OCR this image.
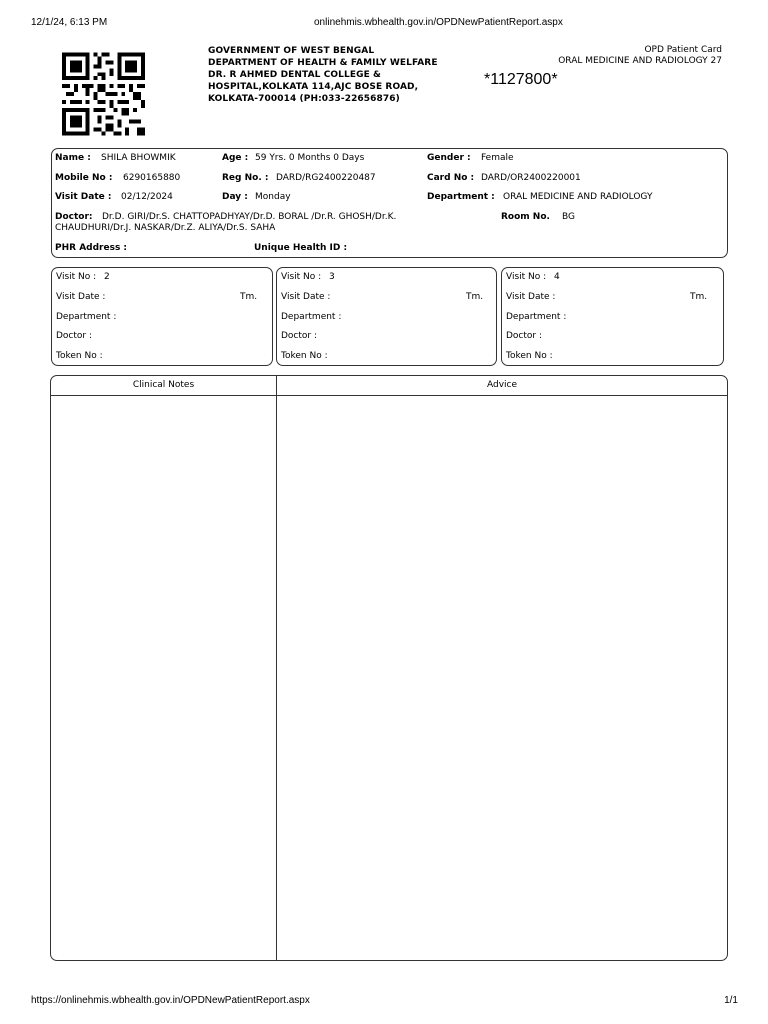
12/1/24, 6:13 PM	onlinehmis.wbhealth.gov.in/OPDNewPatientReport.aspx
GOVERNMENT OF WEST BENGAL
DEPARTMENT OF HEALTH & FAMILY WELFARE
DR. R AHMED DENTAL COLLEGE &
HOSPITAL,KOLKATA 114,AJC BOSE ROAD,
KOLKATA-700014 (PH:033-22656876)
OPD Patient Card
ORAL MEDICINE AND RADIOLOGY 27
*1127800*
Name : SHILA BHOWMIK	Age : 59 Yrs. 0 Months 0 Days	Gender : Female
Mobile No : 6290165880	Reg No. : DARD/RG2400220487	Card No : DARD/OR2400220001
Visit Date : 02/12/2024	Day : Monday	Department : ORAL MEDICINE AND RADIOLOGY
Doctor: Dr.D. GIRI/Dr.S. CHATTOPADHYAY/Dr.D. BORAL /Dr.R. GHOSH/Dr.K.
CHAUDHURI/Dr.J. NASKAR/Dr.Z. ALIYA/Dr.S. SAHA
Room No. BG
PHR Address :	Unique Health ID :
Visit No : 2
Visit Date :	Tm.
Department :
Doctor :
Token No :
Visit No : 3
Visit Date :	Tm.
Department :
Doctor :
Token No :
Visit No : 4
Visit Date :	Tm.
Department :
Doctor :
Token No :
Clinical Notes	Advice
https://onlinehmis.wbhealth.gov.in/OPDNewPatientReport.aspx	1/1
